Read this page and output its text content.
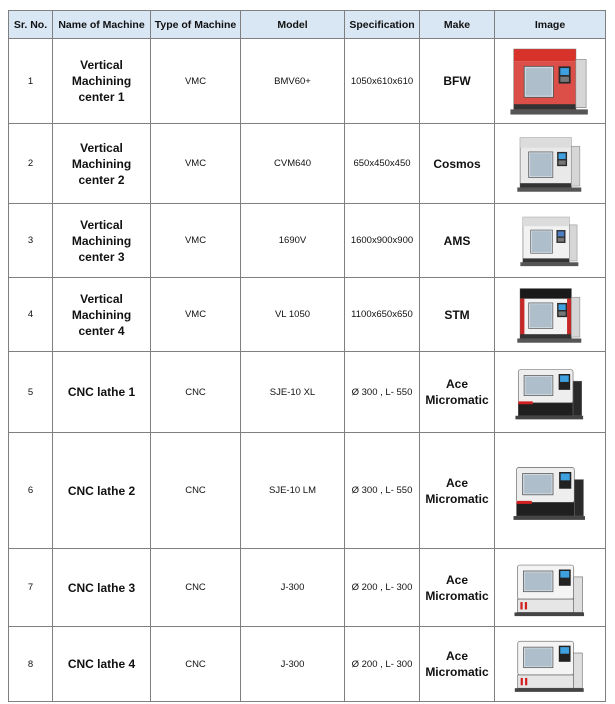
Sr. No.	Name of Machine	Type of Machine	Model	Specification	Make	Image
1	Vertical
Machining
center 1	VMC	BMV60+	1050x610x610	BFW	

2	Vertical
Machining
center 2	VMC	CVM640	650x450x450	Cosmos	

3	Vertical
Machining
center 3	VMC	1690V	1600x900x900	AMS	

4	Vertical
Machining
center 4	VMC	VL 1050	1100x650x650	STM	

5	CNC lathe 1	CNC	SJE-10 XL	Ø 300 , L- 550	Ace
Micromatic	

6	CNC lathe 2	CNC	SJE-10 LM	Ø 300 , L- 550	Ace
Micromatic	

7	CNC lathe 3	CNC	J-300	Ø 200 , L- 300	Ace
Micromatic	

8	CNC lathe 4	CNC	J-300	Ø 200 , L- 300	Ace
Micromatic	
